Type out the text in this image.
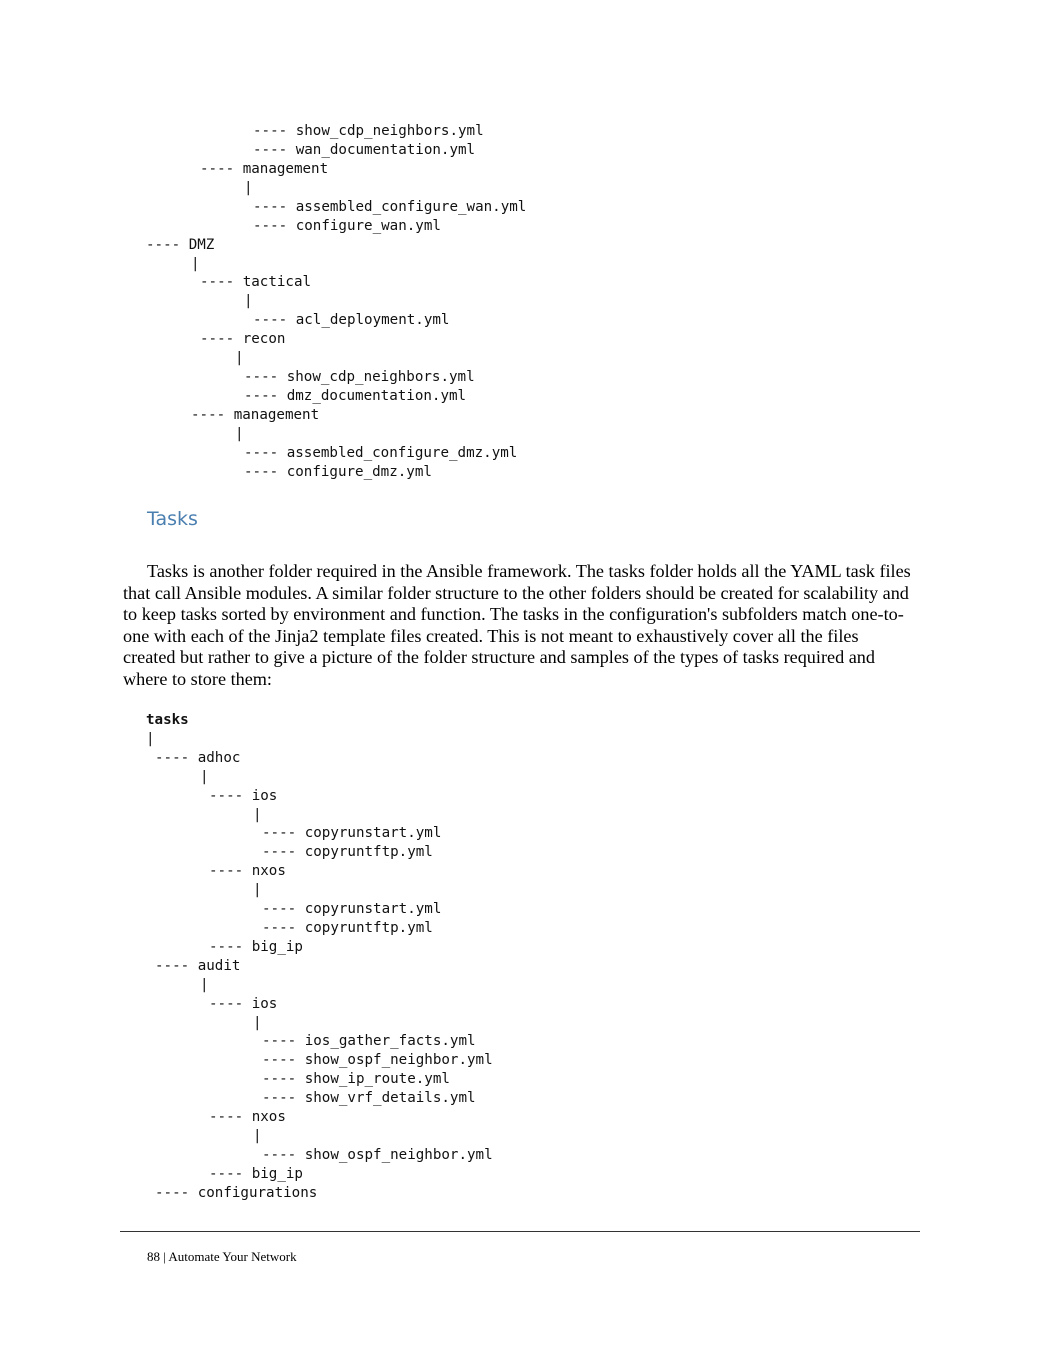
---- show_cdp_neighbors.yml
---- wan_documentation.yml
---- management
|
---- assembled_configure_wan.yml
---- configure_wan.yml
---- DMZ
|
---- tactical
|
---- acl_deployment.yml
---- recon
|
---- show_cdp_neighbors.yml
---- dmz_documentation.yml
---- management
|
---- assembled_configure_dmz.yml
---- configure_dmz.yml
Tasks

Tasks is another folder required in the Ansible framework. The tasks folder holds all the YAML task files that call Ansible modules. A similar folder structure to the other folders should be created for scalability and to keep tasks sorted by environment and function. The tasks in the configuration's subfolders match one-to-one with each of the Jinja2 template files created. This is not meant to exhaustively cover all the files created but rather to give a picture of the folder structure and samples of the types of tasks required and where to store them:

tasks
|
---- adhoc
|
---- ios
|
---- copyrunstart.yml
---- copyruntftp.yml
---- nxos
|
---- copyrunstart.yml
---- copyruntftp.yml
---- big_ip
---- audit
|
---- ios
|
---- ios_gather_facts.yml
---- show_ospf_neighbor.yml
---- show_ip_route.yml
---- show_vrf_details.yml
---- nxos
|
---- show_ospf_neighbor.yml
---- big_ip
---- configurations
88 | Automate Your Network
